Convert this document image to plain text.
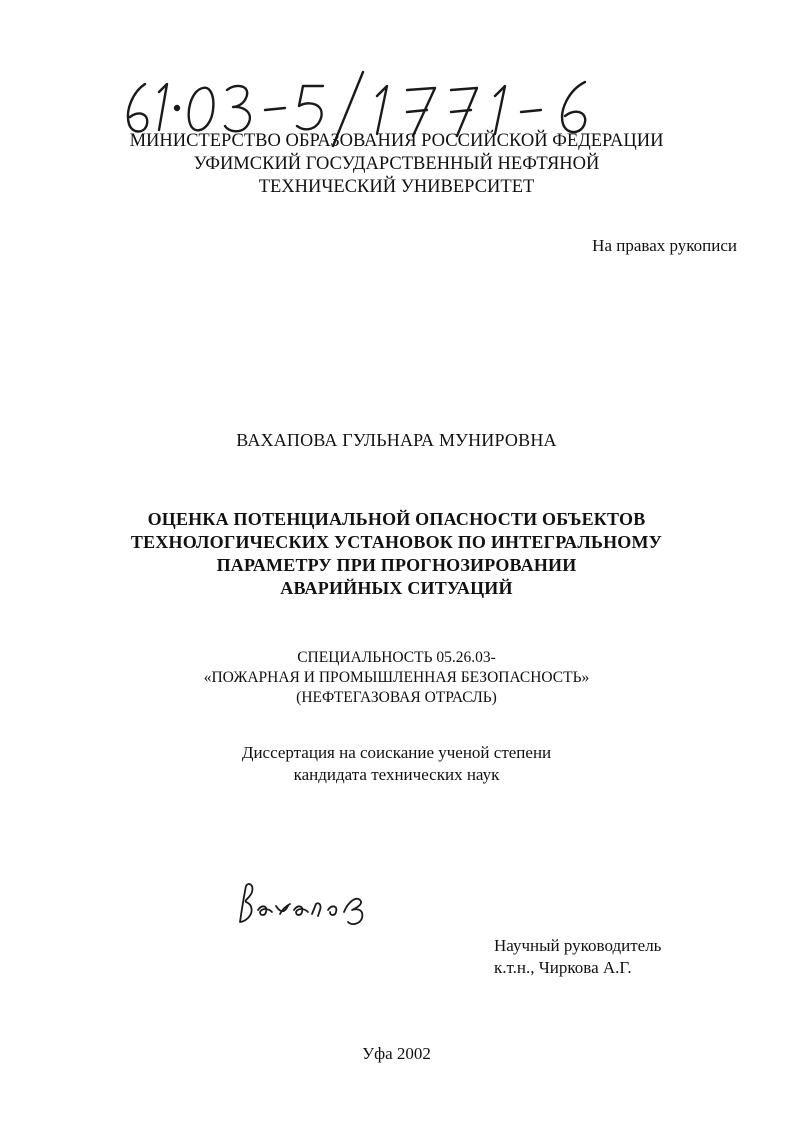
МИНИСТЕРСТВО ОБРАЗОВАНИЯ РОССИЙСКОЙ ФЕДЕРАЦИИ
УФИМСКИЙ ГОСУДАРСТВЕННЫЙ НЕФТЯНОЙ
ТЕХНИЧЕСКИЙ УНИВЕРСИТЕТ
На правах рукописи
ВАХАПОВА ГУЛЬНАРА МУНИРОВНА
ОЦЕНКА ПОТЕНЦИАЛЬНОЙ ОПАСНОСТИ ОБЪЕКТОВ
ТЕХНОЛОГИЧЕСКИХ УСТАНОВОК ПО ИНТЕГРАЛЬНОМУ
ПАРАМЕТРУ ПРИ ПРОГНОЗИРОВАНИИ
АВАРИЙНЫХ СИТУАЦИЙ
СПЕЦИАЛЬНОСТЬ 05.26.03-
«ПОЖАРНАЯ И ПРОМЫШЛЕННАЯ БЕЗОПАСНОСТЬ»
(НЕФТЕГАЗОВАЯ ОТРАСЛЬ)
Диссертация на соискание ученой степени
кандидата технических наук
Научный руководитель
к.т.н., Чиркова А.Г.
Уфа 2002
